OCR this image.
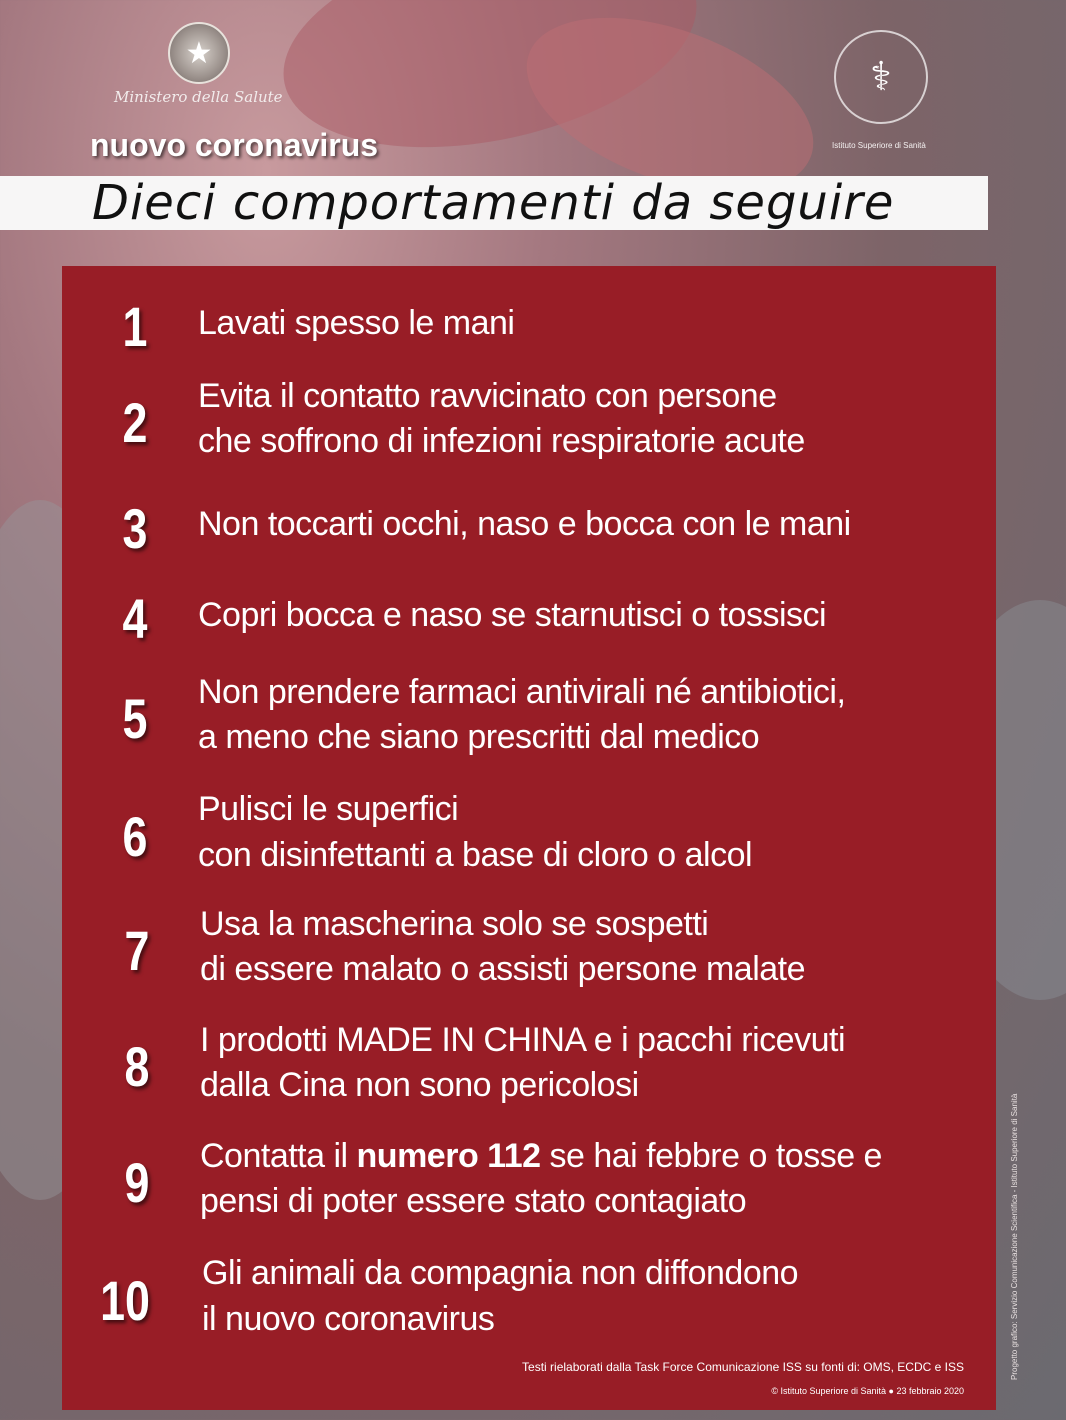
★
Ministero della Salute	⚕
Istituto Superiore di Sanità
nuovo coronavirus
Dieci comportamenti da seguire
1	Lavati spesso le mani
2	Evita il contatto ravvicinato con persone
che soffrono di infezioni respiratorie acute
3	Non toccarti occhi, naso e bocca con le mani
4	Copri bocca e naso se starnutisci o tossisci
5	Non prendere farmaci antivirali né antibiotici,
a meno che siano prescritti dal medico
6	Pulisci le superfici
con disinfettanti a base di cloro o alcol
7	Usa la mascherina solo se sospetti
di essere malato o assisti persone malate
8	I prodotti MADE IN CHINA e i pacchi ricevuti
dalla Cina non sono pericolosi
9	Contatta il numero 112 se hai febbre o tosse e
pensi di poter essere stato contagiato
10	Gli animali da compagnia non diffondono
il nuovo coronavirus
Testi rielaborati dalla Task Force Comunicazione ISS su fonti di: OMS, ECDC e ISS
© Istituto Superiore di Sanità ● 23 febbraio 2020
Progetto grafico: Servizio Comunicazione Scientifica - Istituto Superiore di Sanità
